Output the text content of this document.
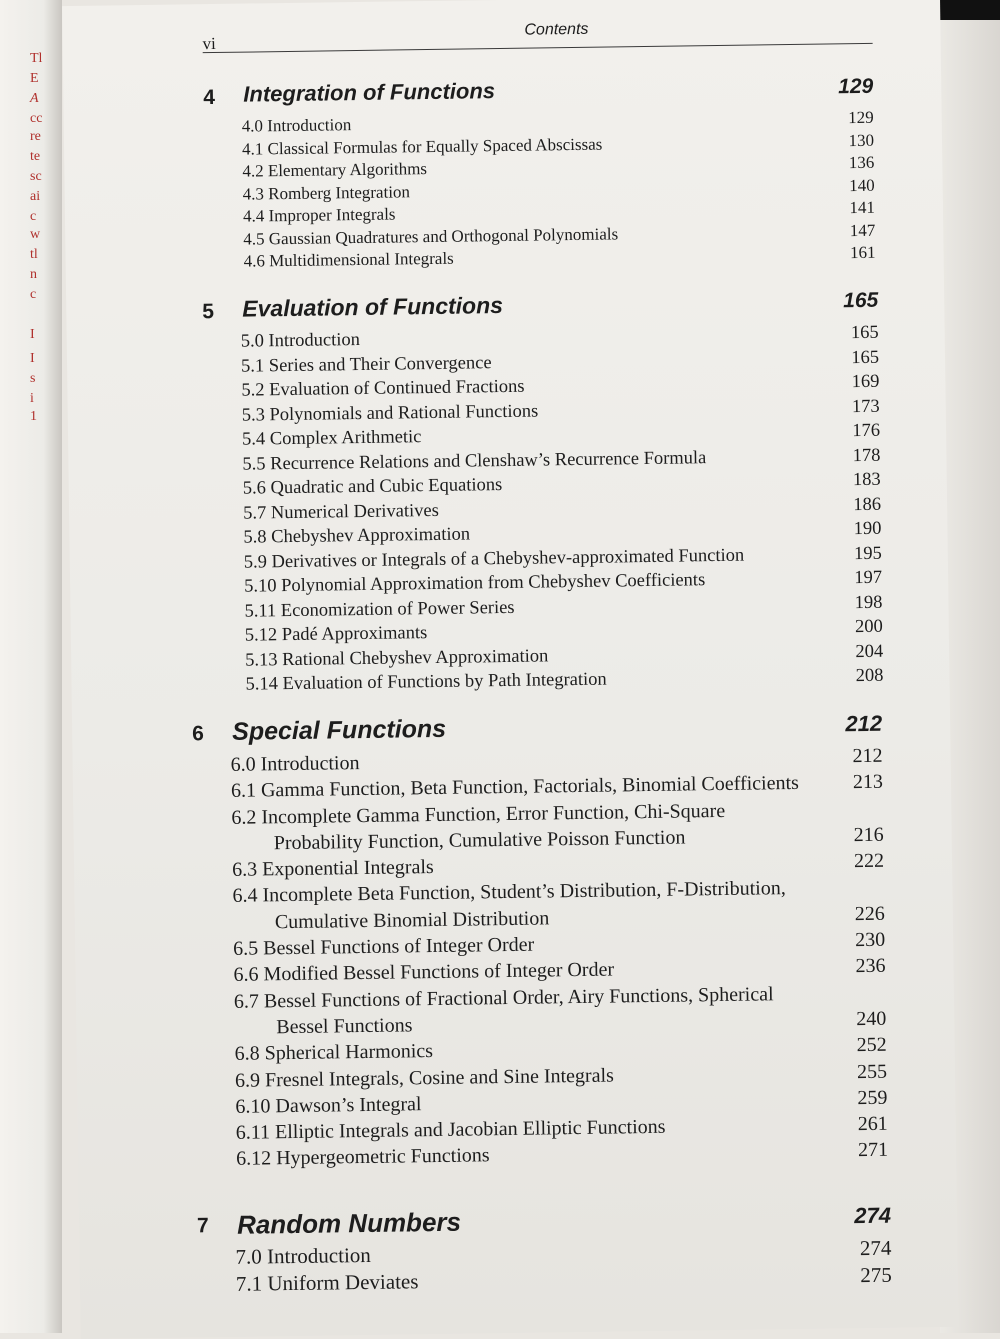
Tl
E
A
cc
re
te
sc
ai
c
w
tl
n
c
I
I
s
i
1
vi
Contents
4 Integration of Functions	129
4.0 Introduction	129
4.1 Classical Formulas for Equally Spaced Abscissas	130
4.2 Elementary Algorithms	136
4.3 Romberg Integration	140
4.4 Improper Integrals	141
4.5 Gaussian Quadratures and Orthogonal Polynomials	147
4.6 Multidimensional Integrals	161
5 Evaluation of Functions	165
5.0 Introduction	165
5.1 Series and Their Convergence	165
5.2 Evaluation of Continued Fractions	169
5.3 Polynomials and Rational Functions	173
5.4 Complex Arithmetic	176
5.5 Recurrence Relations and Clenshaw’s Recurrence Formula	178
5.6 Quadratic and Cubic Equations	183
5.7 Numerical Derivatives	186
5.8 Chebyshev Approximation	190
5.9 Derivatives or Integrals of a Chebyshev-approximated Function	195
5.10 Polynomial Approximation from Chebyshev Coefficients	197
5.11 Economization of Power Series	198
5.12 Padé Approximants	200
5.13 Rational Chebyshev Approximation	204
5.14 Evaluation of Functions by Path Integration	208
6 Special Functions	212
6.0 Introduction	212
6.1 Gamma Function, Beta Function, Factorials, Binomial Coefficients	213
6.2 Incomplete Gamma Function, Error Function, Chi-Square
Probability Function, Cumulative Poisson Function	216
6.3 Exponential Integrals	222
6.4 Incomplete Beta Function, Student’s Distribution, F-Distribution,
Cumulative Binomial Distribution	226
6.5 Bessel Functions of Integer Order	230
6.6 Modified Bessel Functions of Integer Order	236
6.7 Bessel Functions of Fractional Order, Airy Functions, Spherical
Bessel Functions	240
6.8 Spherical Harmonics	252
6.9 Fresnel Integrals, Cosine and Sine Integrals	255
6.10 Dawson’s Integral	259
6.11 Elliptic Integrals and Jacobian Elliptic Functions	261
6.12 Hypergeometric Functions	271
7 Random Numbers	274
7.0 Introduction	274
7.1 Uniform Deviates	275
